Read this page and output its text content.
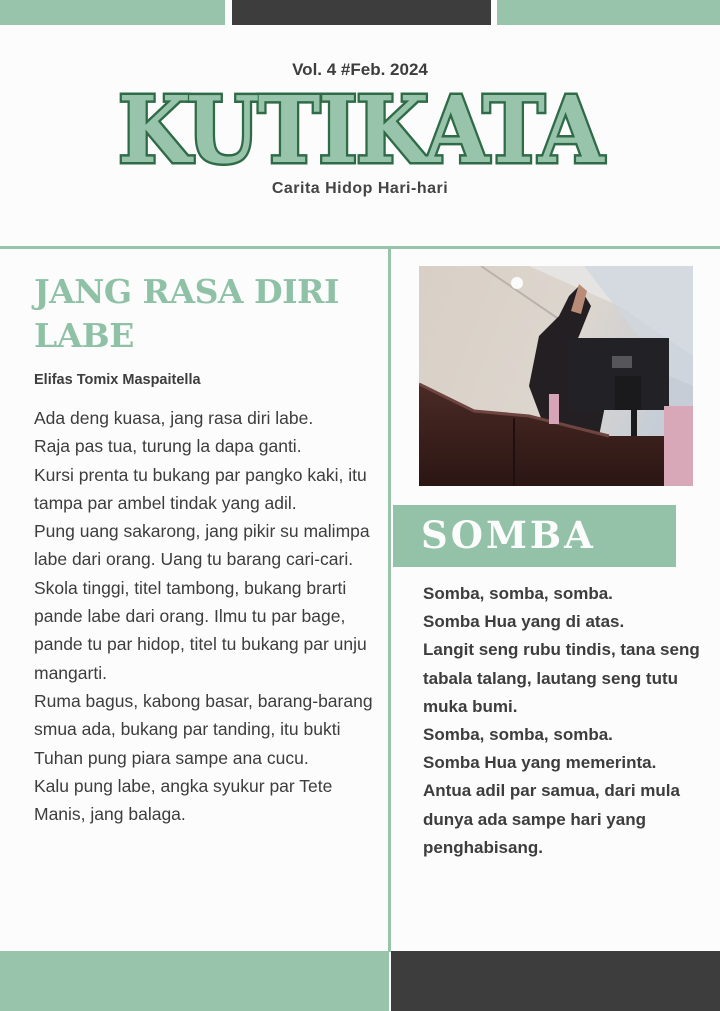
Vol. 4 #Feb. 2024
KUTIKATA
Carita Hidop Hari-hari
JANG RASA DIRI LABE
Elifas Tomix Maspaitella

Ada deng kuasa, jang rasa diri labe.

Raja pas tua, turung la dapa ganti.

Kursi prenta tu bukang par pangko kaki, itu tampa par ambel tindak yang adil.

Pung uang sakarong, jang pikir su malimpa labe dari orang. Uang tu barang cari-cari.

Skola tinggi, titel tambong, bukang brarti pande labe dari orang. Ilmu tu par bage, pande tu par hidop, titel tu bukang par unju mangarti.

Ruma bagus, kabong basar, barang-barang smua ada, bukang par tanding, itu bukti Tuhan pung piara sampe ana cucu.

Kalu pung labe, angka syukur par Tete Manis, jang balaga.

SOMBA

Somba, somba, somba.

Somba Hua yang di atas.

Langit seng rubu tindis, tana seng tabala talang, lautang seng tutu muka bumi.

Somba, somba, somba.

Somba Hua yang memerinta. Antua adil par samua, dari mula dunya ada sampe hari yang penghabisang.
